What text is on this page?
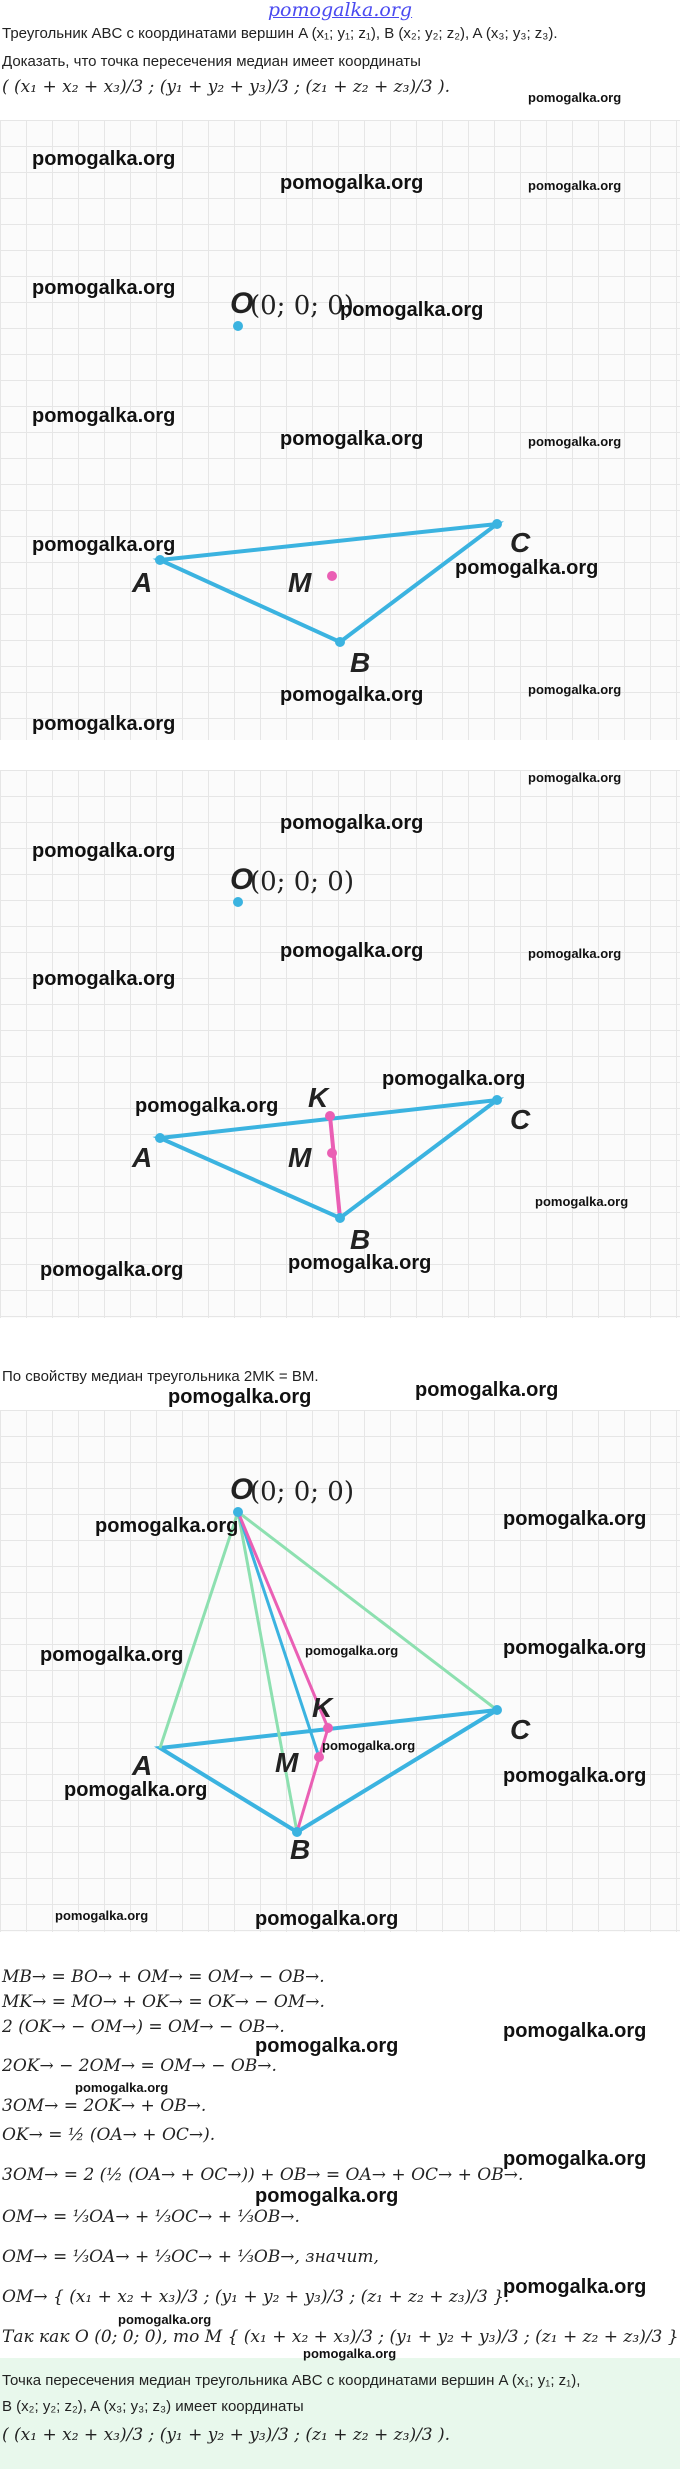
pomogalka.org
Треугольник ABC с координатами вершин A (x₁; y₁; z₁), B (x₂; y₂; z₂), A (x₃; y₃; z₃).
Доказать, что точка пересечения медиан имеет координаты
( (x₁ + x₂ + x₃)/3 ; (y₁ + y₂ + y₃)/3 ; (z₁ + z₂ + z₃)/3 ).
pomogalka.org
O
(0; 0; 0)
A
C
B
M
pomogalka.org
pomogalka.org	pomogalka.org
pomogalka.org
pomogalka.org
pomogalka.org
pomogalka.org	pomogalka.org
pomogalka.org
pomogalka.org
pomogalka.org	pomogalka.org
pomogalka.org
O
(0; 0; 0)
A
C
B
M
K
pomogalka.org
pomogalka.org
pomogalka.org
pomogalka.org	pomogalka.org
pomogalka.org
pomogalka.org
pomogalka.org
pomogalka.org
pomogalka.org
pomogalka.org
По свойству медиан треугольника 2MK = BM.
pomogalka.org	pomogalka.org
O
(0; 0; 0)
A
C
B
M
K
pomogalka.org	pomogalka.org
pomogalka.org	pomogalka.org	pomogalka.org
pomogalka.org
pomogalka.org
pomogalka.org
pomogalka.org	pomogalka.org
MB→ = BO→ + OM→ = OM→ − OB→.
MK→ = MO→ + OK→ = OK→ − OM→.
2 (OK→ − OM→) = OM→ − OB→.
2OK→ − 2OM→ = OM→ − OB→.
3OM→ = 2OK→ + OB→.
OK→ = ½ (OA→ + OC→).
3OM→ = 2 (½ (OA→ + OC→)) + OB→ = OA→ + OC→ + OB→.
OM→ = ⅓OA→ + ⅓OC→ + ⅓OB→.
OM→ = ⅓OA→ + ⅓OC→ + ⅓OB→, значит,
OM→ { (x₁ + x₂ + x₃)/3 ; (y₁ + y₂ + y₃)/3 ; (z₁ + z₂ + z₃)/3 }.
Так как O (0; 0; 0), то M { (x₁ + x₂ + x₃)/3 ; (y₁ + y₂ + y₃)/3 ; (z₁ + z₂ + z₃)/3 }
pomogalka.org
pomogalka.org
pomogalka.org
pomogalka.org
pomogalka.org
pomogalka.org
pomogalka.org
Точка пересечения медиан треугольника ABC с координатами вершин A (x₁; y₁; z₁),
B (x₂; y₂; z₂), A (x₃; y₃; z₃) имеет координаты
( (x₁ + x₂ + x₃)/3 ; (y₁ + y₂ + y₃)/3 ; (z₁ + z₂ + z₃)/3 ).
pomogalka.org
